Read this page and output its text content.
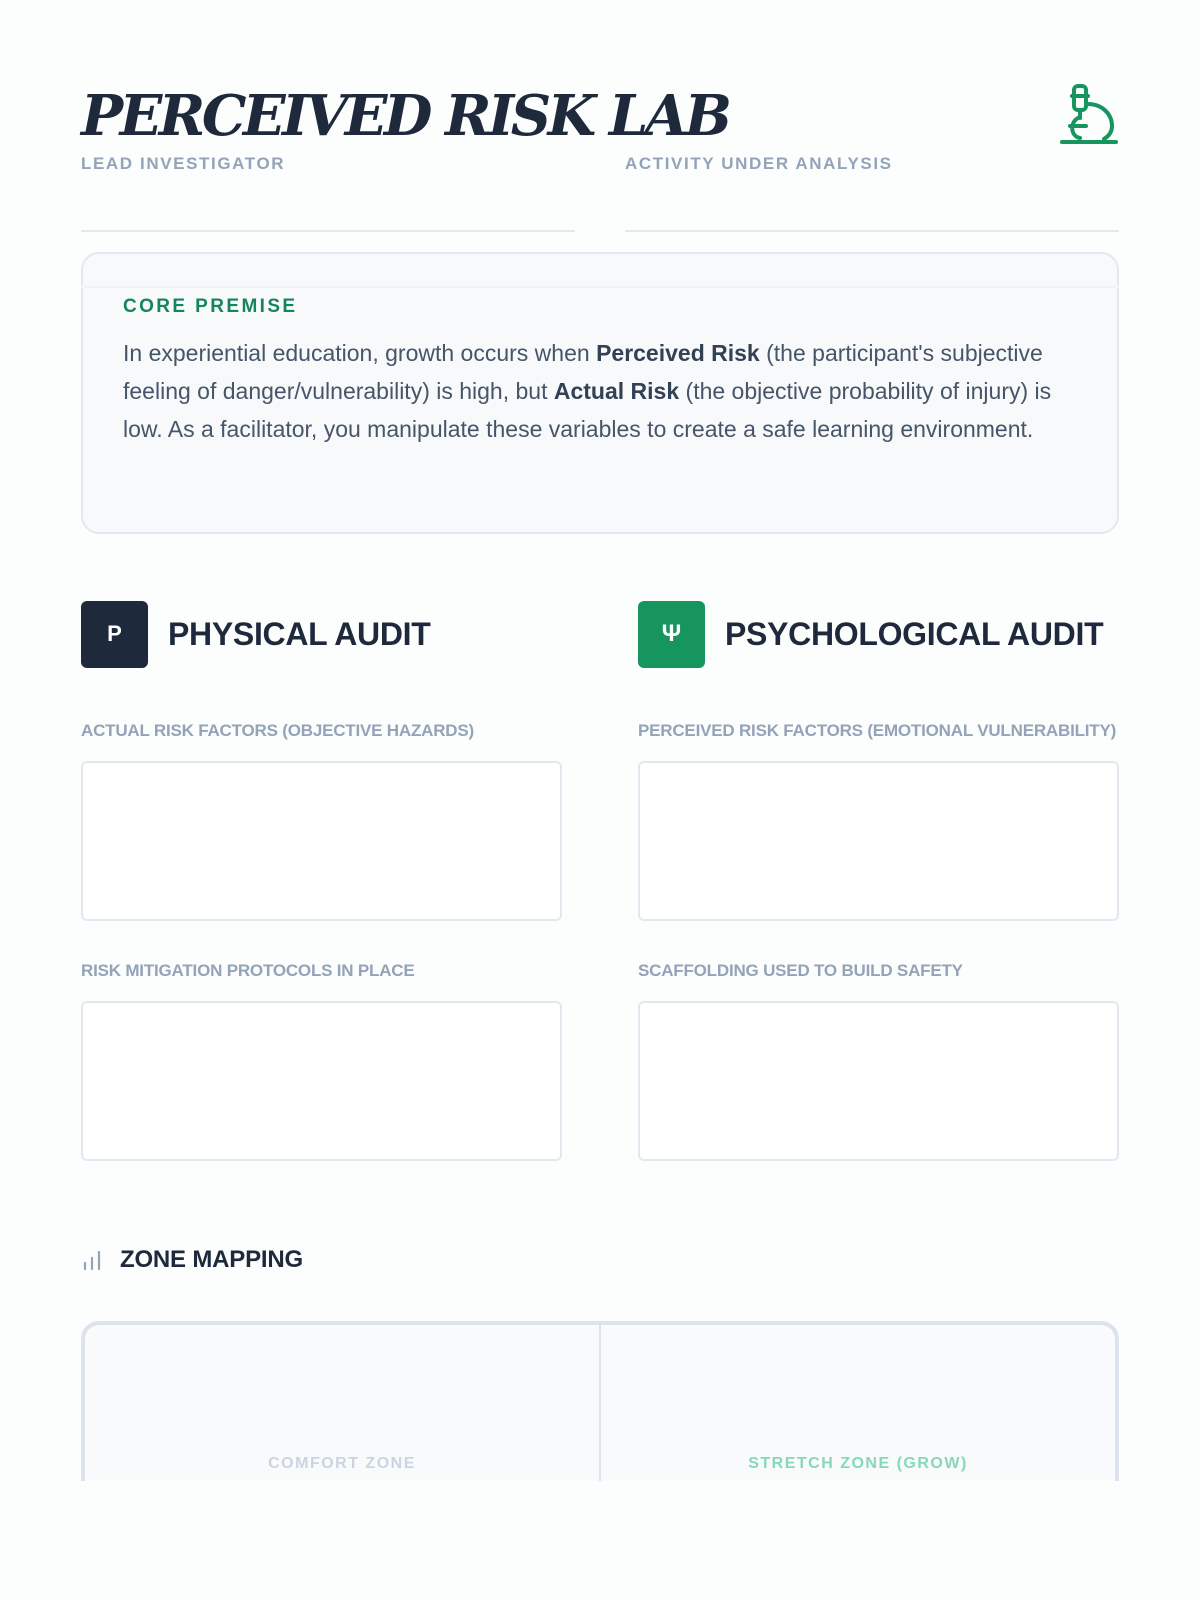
PERCEIVED RISK LAB
LEAD INVESTIGATOR	ACTIVITY UNDER ANALYSIS
CORE PREMISE

In experiential education, growth occurs when Perceived Risk (the participant's subjective feeling of danger/vulnerability) is high, but Actual Risk (the objective probability of injury) is low. As a facilitator, you manipulate these variables to create a safe learning environment.

P	PHYSICAL AUDIT
ACTUAL RISK FACTORS (OBJECTIVE HAZARDS)
RISK MITIGATION PROTOCOLS IN PLACE
Ψ	PSYCHOLOGICAL AUDIT
PERCEIVED RISK FACTORS (EMOTIONAL VULNERABILITY)
SCAFFOLDING USED TO BUILD SAFETY
ZONE MAPPING
COMFORT ZONE	STRETCH ZONE (GROW)
